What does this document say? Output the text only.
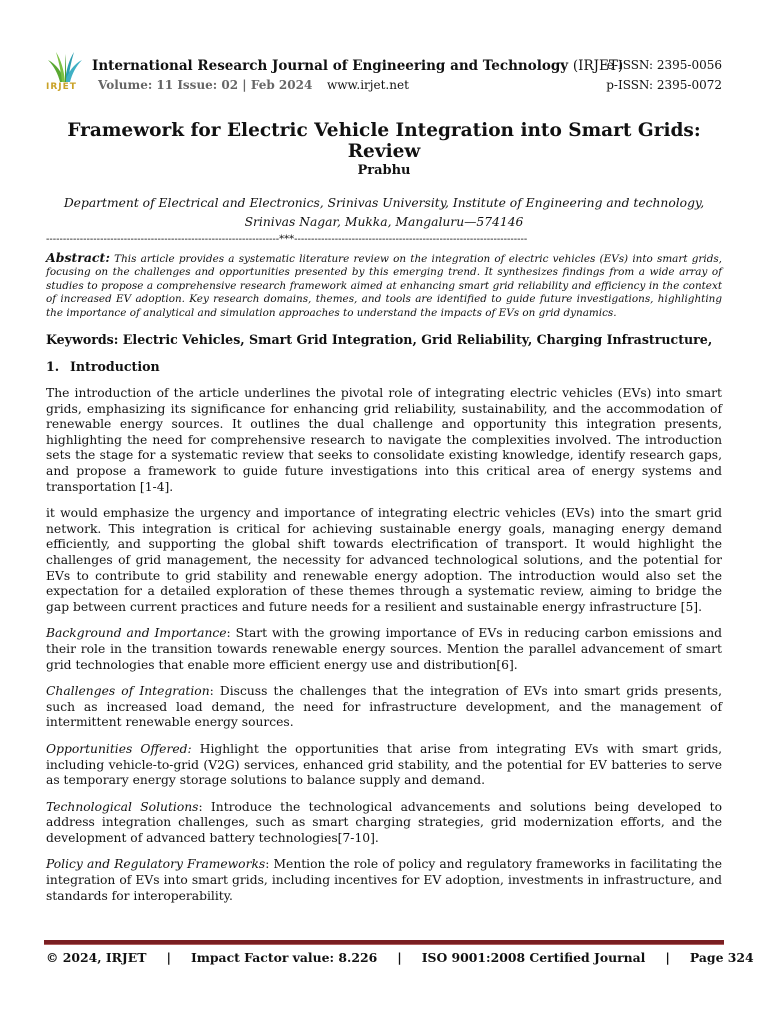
IRJET
International Research Journal of Engineering and Technology (IRJET)
e-ISSN: 2395-0056
Volume: 11 Issue: 02 | Feb 2024 www.irjet.net	p-ISSN: 2395-0072
Framework for Electric Vehicle Integration into Smart Grids: Review
Prabhu
Department of Electrical and Electronics, Srinivas University, Institute of Engineering and technology, Srinivas Nagar, Mukka, Mangaluru—574146
---------------------------------------------------------------------***---------------------------------------------------------------------

Abstract: This article provides a systematic literature review on the integration of electric vehicles (EVs) into smart grids, focusing on the challenges and opportunities presented by this emerging trend. It synthesizes findings from a wide array of studies to propose a comprehensive research framework aimed at enhancing smart grid reliability and efficiency in the context of increased EV adoption. Key research domains, themes, and tools are identified to guide future investigations, highlighting the importance of analytical and simulation approaches to understand the impacts of EVs on grid dynamics.

Keywords: Electric Vehicles, Smart Grid Integration, Grid Reliability, Charging Infrastructure,
1. Introduction

The introduction of the article underlines the pivotal role of integrating electric vehicles (EVs) into smart grids, emphasizing its significance for enhancing grid reliability, sustainability, and the accommodation of renewable energy sources. It outlines the dual challenge and opportunity this integration presents, highlighting the need for comprehensive research to navigate the complexities involved. The introduction sets the stage for a systematic review that seeks to consolidate existing knowledge, identify research gaps, and propose a framework to guide future investigations into this critical area of energy systems and transportation [1-4].

it would emphasize the urgency and importance of integrating electric vehicles (EVs) into the smart grid network. This integration is critical for achieving sustainable energy goals, managing energy demand efficiently, and supporting the global shift towards electrification of transport. It would highlight the challenges of grid management, the necessity for advanced technological solutions, and the potential for EVs to contribute to grid stability and renewable energy adoption. The introduction would also set the expectation for a detailed exploration of these themes through a systematic review, aiming to bridge the gap between current practices and future needs for a resilient and sustainable energy infrastructure [5].

Background and Importance: Start with the growing importance of EVs in reducing carbon emissions and their role in the transition towards renewable energy sources. Mention the parallel advancement of smart grid technologies that enable more efficient energy use and distribution[6].

Challenges of Integration: Discuss the challenges that the integration of EVs into smart grids presents, such as increased load demand, the need for infrastructure development, and the management of intermittent renewable energy sources.

Opportunities Offered: Highlight the opportunities that arise from integrating EVs with smart grids, including vehicle-to-grid (V2G) services, enhanced grid stability, and the potential for EV batteries to serve as temporary energy storage solutions to balance supply and demand.

Technological Solutions: Introduce the technological advancements and solutions being developed to address integration challenges, such as smart charging strategies, grid modernization efforts, and the development of advanced battery technologies[7-10].

Policy and Regulatory Frameworks: Mention the role of policy and regulatory frameworks in facilitating the integration of EVs into smart grids, including incentives for EV adoption, investments in infrastructure, and standards for interoperability.

© 2024, IRJET | Impact Factor value: 8.226 | ISO 9001:2008 Certified Journal | Page 324
